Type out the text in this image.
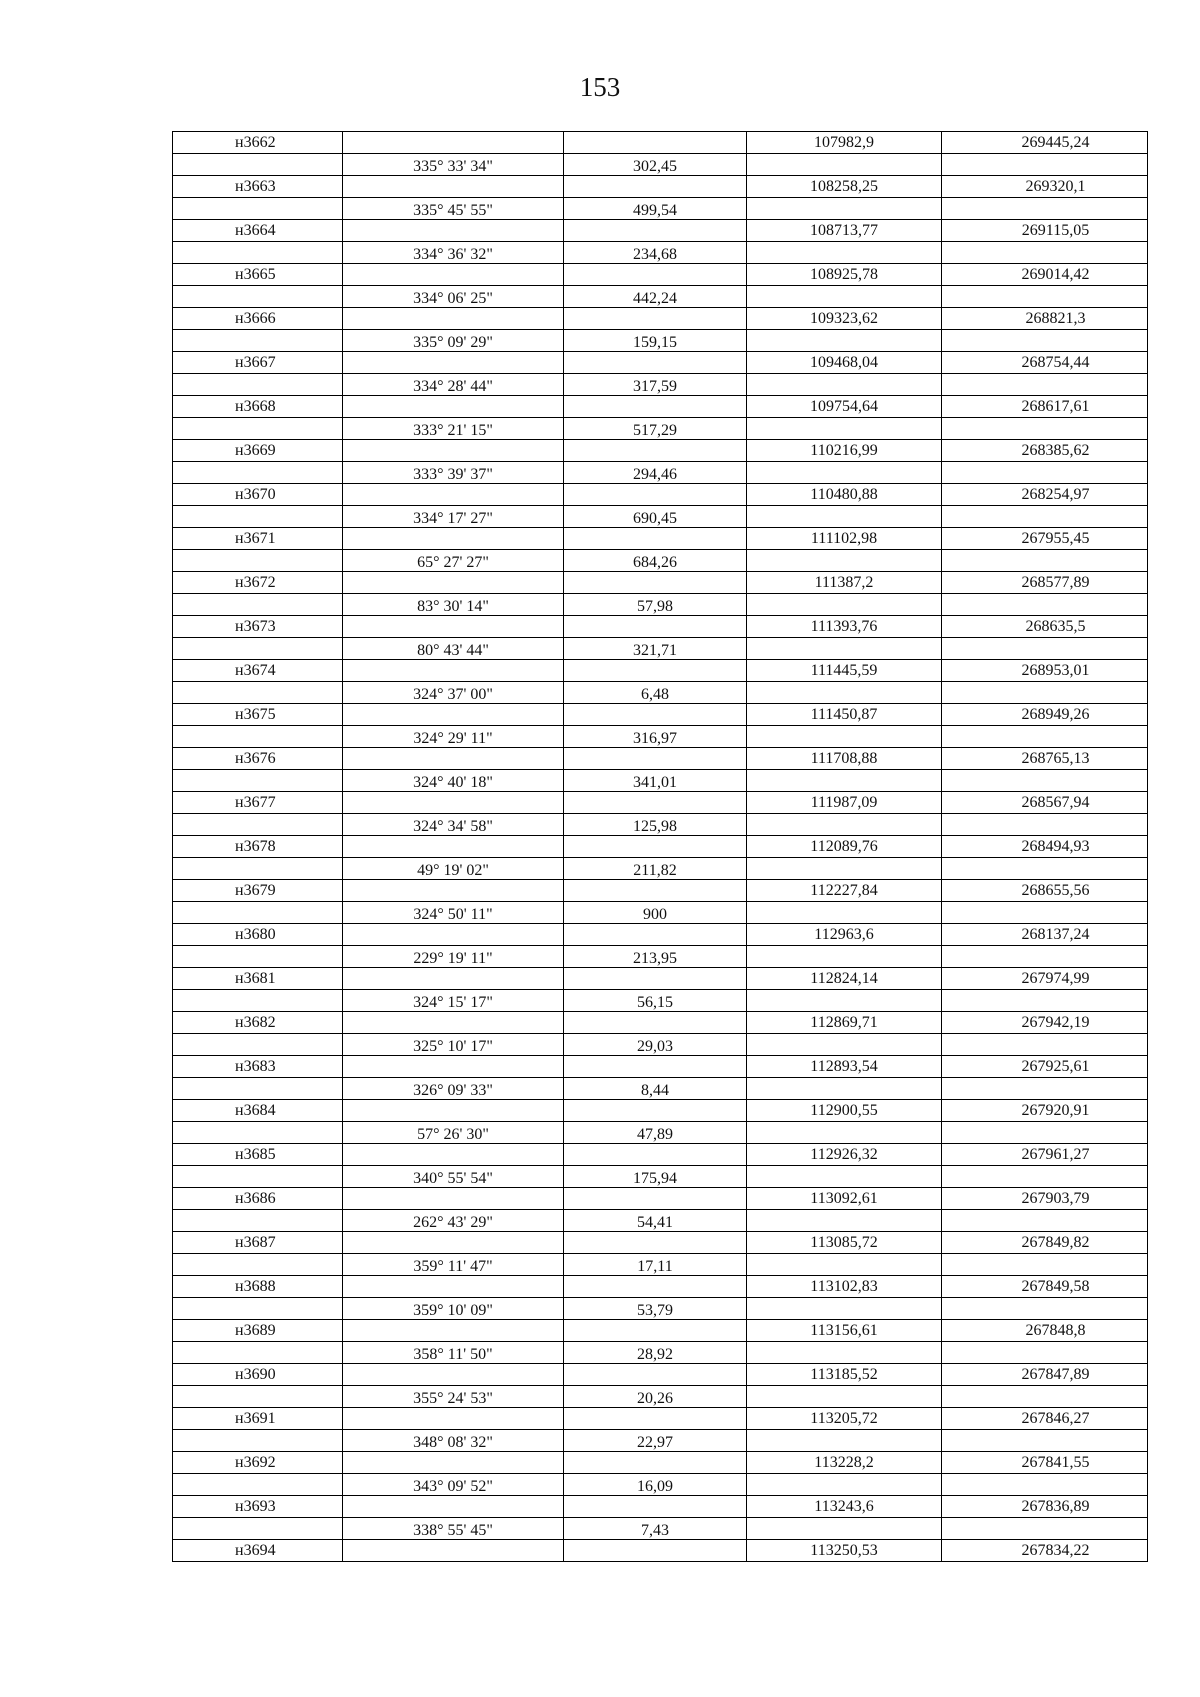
153
н3662			107982,9	269445,24
	335° 33' 34"	302,45		
н3663			108258,25	269320,1
	335° 45' 55"	499,54		
н3664			108713,77	269115,05
	334° 36' 32"	234,68		
н3665			108925,78	269014,42
	334° 06' 25"	442,24		
н3666			109323,62	268821,3
	335° 09' 29"	159,15		
н3667			109468,04	268754,44
	334° 28' 44"	317,59		
н3668			109754,64	268617,61
	333° 21' 15"	517,29		
н3669			110216,99	268385,62
	333° 39' 37"	294,46		
н3670			110480,88	268254,97
	334° 17' 27"	690,45		
н3671			111102,98	267955,45
	65° 27' 27"	684,26		
н3672			111387,2	268577,89
	83° 30' 14"	57,98		
н3673			111393,76	268635,5
	80° 43' 44"	321,71		
н3674			111445,59	268953,01
	324° 37' 00"	6,48		
н3675			111450,87	268949,26
	324° 29' 11"	316,97		
н3676			111708,88	268765,13
	324° 40' 18"	341,01		
н3677			111987,09	268567,94
	324° 34' 58"	125,98		
н3678			112089,76	268494,93
	49° 19' 02"	211,82		
н3679			112227,84	268655,56
	324° 50' 11"	900		
н3680			112963,6	268137,24
	229° 19' 11"	213,95		
н3681			112824,14	267974,99
	324° 15' 17"	56,15		
н3682			112869,71	267942,19
	325° 10' 17"	29,03		
н3683			112893,54	267925,61
	326° 09' 33"	8,44		
н3684			112900,55	267920,91
	57° 26' 30"	47,89		
н3685			112926,32	267961,27
	340° 55' 54"	175,94		
н3686			113092,61	267903,79
	262° 43' 29"	54,41		
н3687			113085,72	267849,82
	359° 11' 47"	17,11		
н3688			113102,83	267849,58
	359° 10' 09"	53,79		
н3689			113156,61	267848,8
	358° 11' 50"	28,92		
н3690			113185,52	267847,89
	355° 24' 53"	20,26		
н3691			113205,72	267846,27
	348° 08' 32"	22,97		
н3692			113228,2	267841,55
	343° 09' 52"	16,09		
н3693			113243,6	267836,89
	338° 55' 45"	7,43		
н3694			113250,53	267834,22
